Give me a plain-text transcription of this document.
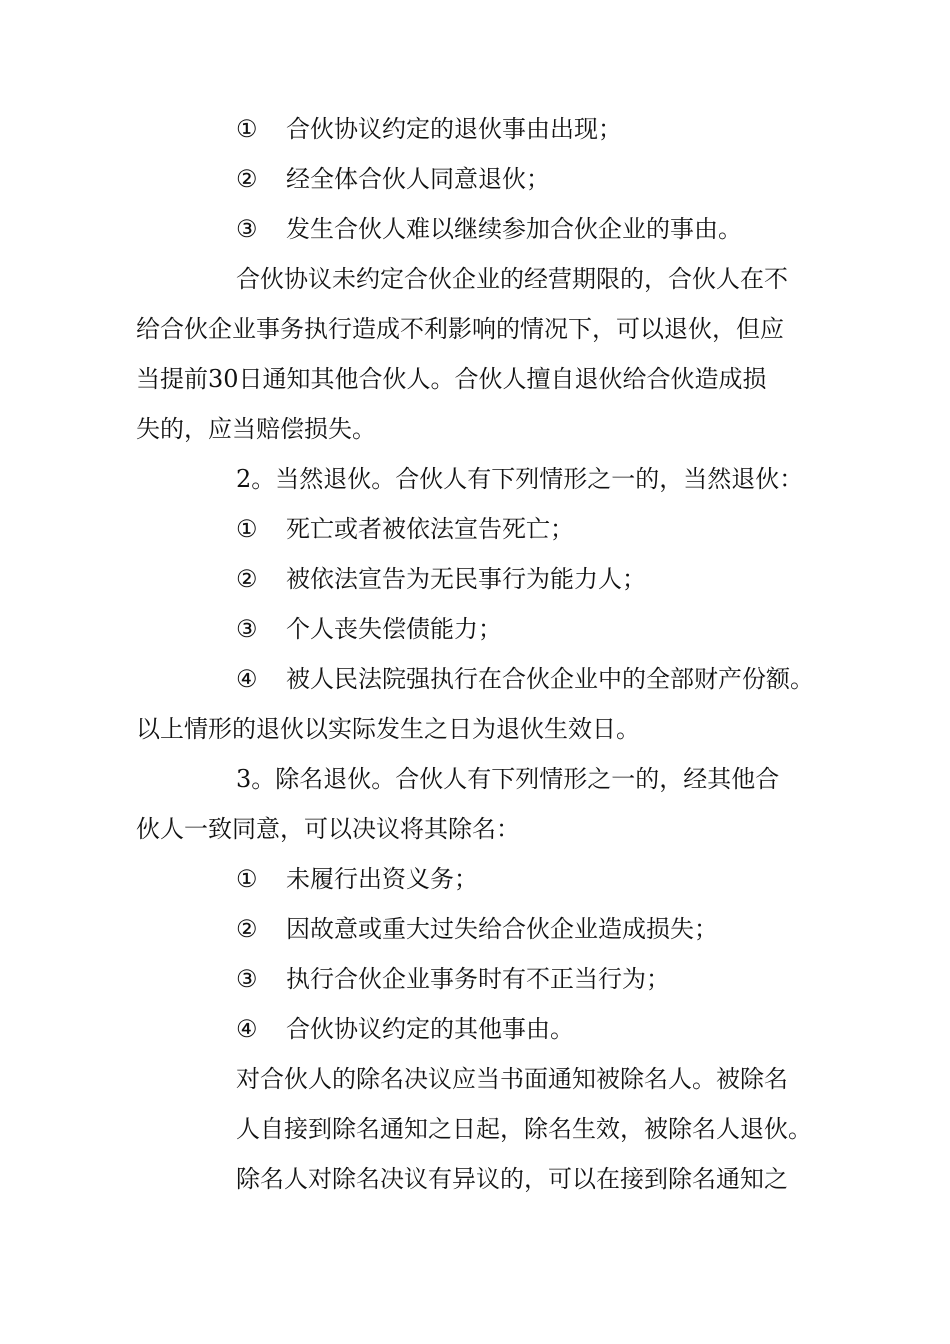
① 合伙协议约定的退伙事由出现；
② 经全体合伙人同意退伙；
③ 发生合伙人难以继续参加合伙企业的事由。
合伙协议未约定合伙企业的经营期限的，合伙人在不
给合伙企业事务执行造成不利影响的情况下，可以退伙，但应
当提前30日通知其他合伙人。合伙人擅自退伙给合伙造成损
失的，应当赔偿损失。
2。当然退伙。合伙人有下列情形之一的，当然退伙：
① 死亡或者被依法宣告死亡；
② 被依法宣告为无民事行为能力人；
③ 个人丧失偿债能力；
④ 被人民法院强执行在合伙企业中的全部财产份额。
以上情形的退伙以实际发生之日为退伙生效日。
3。除名退伙。合伙人有下列情形之一的，经其他合
伙人一致同意，可以决议将其除名：
① 未履行出资义务；
② 因故意或重大过失给合伙企业造成损失；
③ 执行合伙企业事务时有不正当行为；
④ 合伙协议约定的其他事由。
对合伙人的除名决议应当书面通知被除名人。被除名
人自接到除名通知之日起，除名生效，被除名人退伙。
除名人对除名决议有异议的，可以在接到除名通知之
